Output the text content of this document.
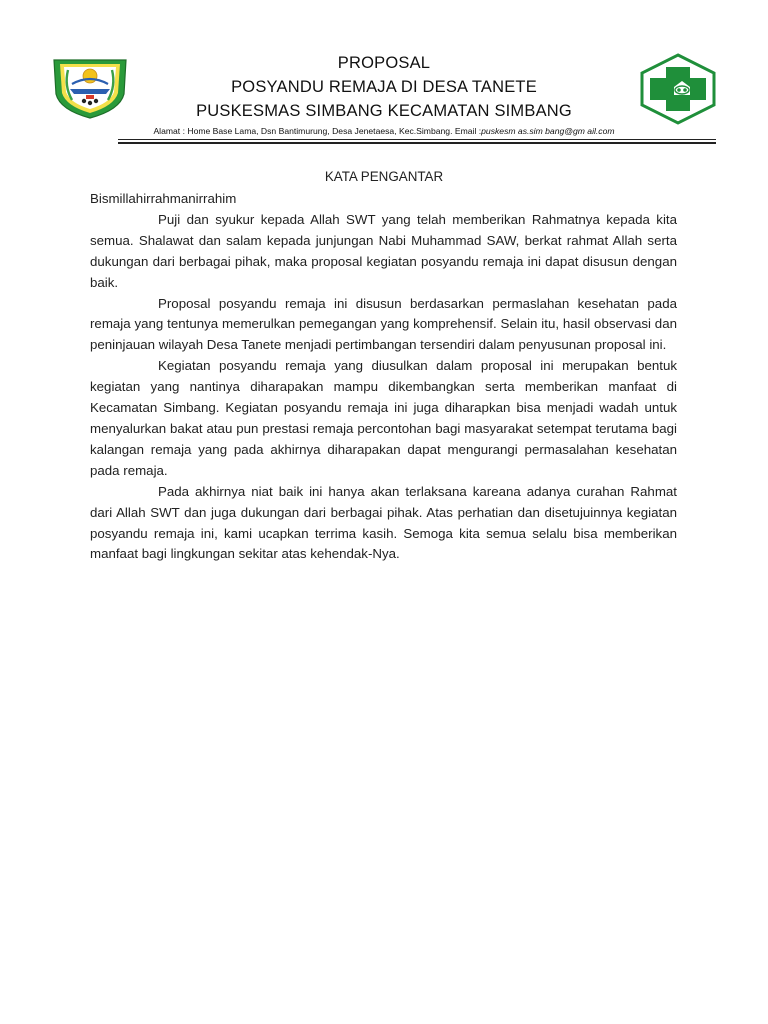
PROPOSAL
POSYANDU REMAJA DI DESA TANETE
PUSKESMAS SIMBANG KECAMATAN SIMBANG
Alamat : Home Base Lama, Dsn Bantimurung, Desa Jenetaesa, Kec.Simbang. Email :puskesm as.sim bang@gm ail.com
KATA PENGANTAR

Bismillahirrahmanirrahim

Puji dan syukur kepada Allah SWT yang telah memberikan Rahmatnya kepada kita semua. Shalawat dan salam kepada junjungan Nabi Muhammad SAW, berkat rahmat Allah serta dukungan dari berbagai pihak, maka proposal kegiatan posyandu remaja ini dapat disusun dengan baik.

Proposal posyandu remaja ini disusun berdasarkan permaslahan kesehatan pada remaja yang tentunya memerulkan pemegangan yang komprehensif. Selain itu, hasil observasi dan peninjauan wilayah Desa Tanete menjadi pertimbangan tersendiri dalam penyusunan proposal ini.

Kegiatan posyandu remaja yang diusulkan dalam proposal ini merupakan bentuk kegiatan yang nantinya diharapakan mampu dikembangkan serta memberikan manfaat di Kecamatan Simbang. Kegiatan posyandu remaja ini juga diharapkan bisa menjadi wadah untuk menyalurkan bakat atau pun prestasi remaja percontohan bagi masyarakat setempat terutama bagi kalangan remaja yang pada akhirnya diharapakan dapat mengurangi permasalahan kesehatan pada remaja.

Pada akhirnya niat baik ini hanya akan terlaksana kareana adanya curahan Rahmat dari Allah SWT dan juga dukungan dari berbagai pihak. Atas perhatian dan disetujuinnya kegiatan posyandu remaja ini, kami ucapkan terrima kasih. Semoga kita semua selalu bisa memberikan manfaat bagi lingkungan sekitar atas kehendak-Nya.
